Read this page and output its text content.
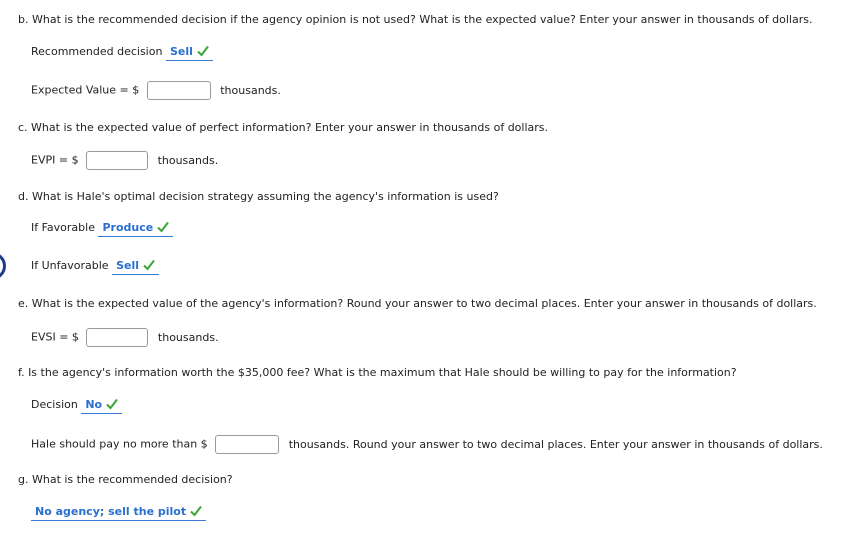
b. What is the recommended decision if the agency opinion is not used? What is the expected value? Enter your answer in thousands of dollars.
Recommended decision Sell
Expected Value = $	thousands.
c. What is the expected value of perfect information? Enter your answer in thousands of dollars.
EVPI = $	thousands.
d. What is Hale's optimal decision strategy assuming the agency's information is used?
If Favorable Produce
If Unfavorable Sell
e. What is the expected value of the agency's information? Round your answer to two decimal places. Enter your answer in thousands of dollars.
EVSI = $	thousands.
f. Is the agency's information worth the $35,000 fee? What is the maximum that Hale should be willing to pay for the information?
Decision No
Hale should pay no more than $	thousands. Round your answer to two decimal places. Enter your answer in thousands of dollars.
g. What is the recommended decision?
No agency; sell the pilot
